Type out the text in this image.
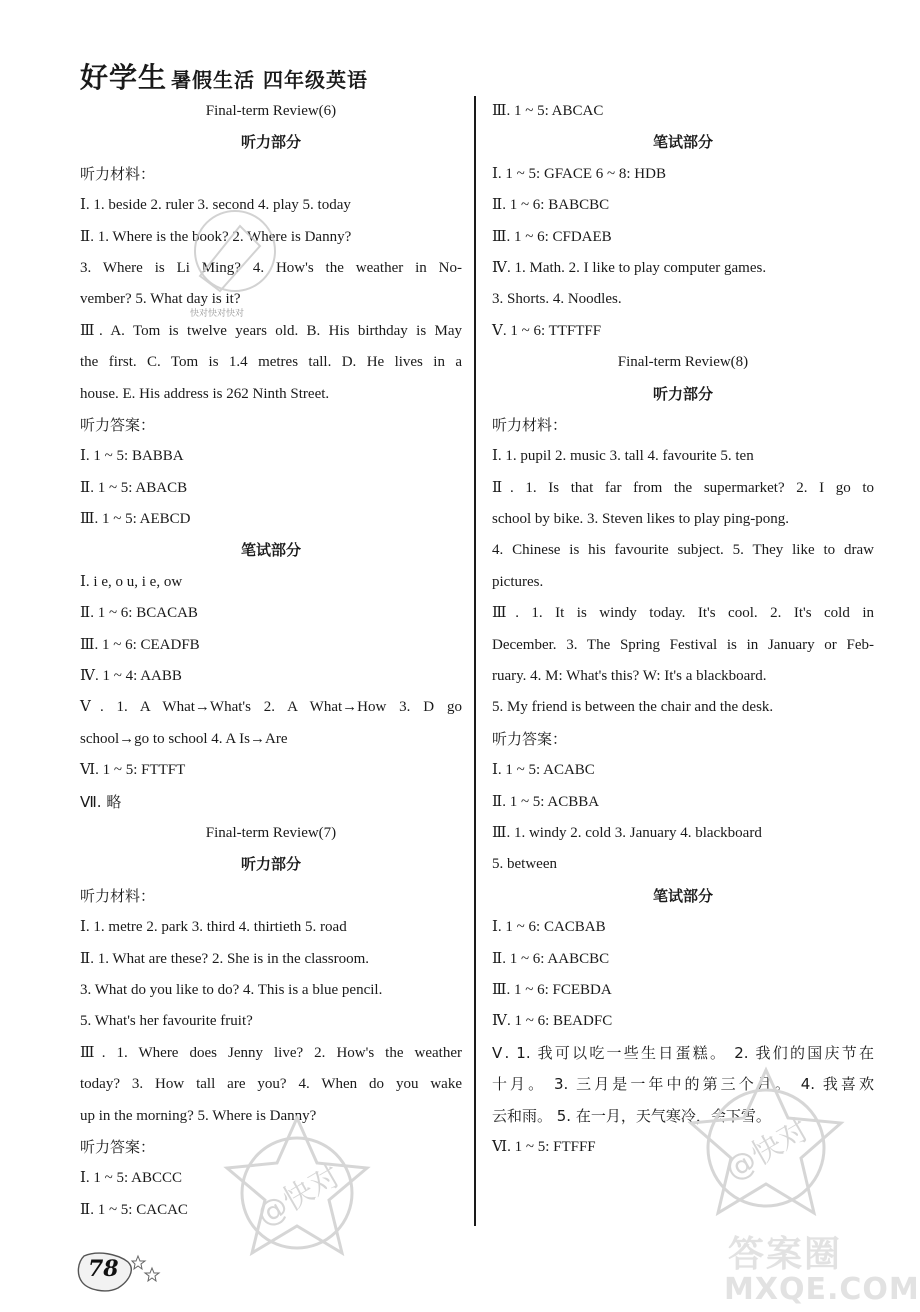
好学生 暑假生活 四年级英语
Final-term Review(6)
听力部分
听力材料：
Ⅰ. 1. beside 2. ruler 3. second 4. play 5. today
Ⅱ. 1. Where is the book? 2. Where is Danny?
3. Where is Li Ming? 4. How's the weather in No-
vember? 5. What day is it?
Ⅲ. A. Tom is twelve years old. B. His birthday is May
the first. C. Tom is 1.4 metres tall. D. He lives in a
house. E. His address is 262 Ninth Street.
听力答案：
Ⅰ. 1 ~ 5: BABBA
Ⅱ. 1 ~ 5: ABACB
Ⅲ. 1 ~ 5: AEBCD
笔试部分
Ⅰ. i e, o u, i e, ow
Ⅱ. 1 ~ 6: BCACAB
Ⅲ. 1 ~ 6: CEADFB
Ⅳ. 1 ~ 4: AABB
Ⅴ. 1. A What→What's 2. A What→How 3. D go
school→go to school 4. A Is→Are
Ⅵ. 1 ~ 5: FTTFT
Ⅶ. 略
Final-term Review(7)
听力部分
听力材料：
Ⅰ. 1. metre 2. park 3. third 4. thirtieth 5. road
Ⅱ. 1. What are these? 2. She is in the classroom.
3. What do you like to do? 4. This is a blue pencil.
5. What's her favourite fruit?
Ⅲ. 1. Where does Jenny live? 2. How's the weather
today? 3. How tall are you? 4. When do you wake
up in the morning? 5. Where is Danny?
听力答案：
Ⅰ. 1 ~ 5: ABCCC
Ⅱ. 1 ~ 5: CACAC
Ⅲ. 1 ~ 5: ABCAC
笔试部分
Ⅰ. 1 ~ 5: GFACE 6 ~ 8: HDB
Ⅱ. 1 ~ 6: BABCBC
Ⅲ. 1 ~ 6: CFDAEB
Ⅳ. 1. Math. 2. I like to play computer games.
3. Shorts. 4. Noodles.
Ⅴ. 1 ~ 6: TTFTFF
Final-term Review(8)
听力部分
听力材料：
Ⅰ. 1. pupil 2. music 3. tall 4. favourite 5. ten
Ⅱ. 1. Is that far from the supermarket? 2. I go to
school by bike. 3. Steven likes to play ping-pong.
4. Chinese is his favourite subject. 5. They like to draw
pictures.
Ⅲ. 1. It is windy today. It's cool. 2. It's cold in
December. 3. The Spring Festival is in January or Feb-
ruary. 4. M: What's this? W: It's a blackboard.
5. My friend is between the chair and the desk.
听力答案：
Ⅰ. 1 ~ 5: ACABC
Ⅱ. 1 ~ 5: ACBBA
Ⅲ. 1. windy 2. cold 3. January 4. blackboard
5. between
笔试部分
Ⅰ. 1 ~ 6: CACBAB
Ⅱ. 1 ~ 6: AABCBC
Ⅲ. 1 ~ 6: FCEBDA
Ⅳ. 1 ~ 6: BEADFC
Ⅴ. 1. 我可以吃一些生日蛋糕。 2. 我们的国庆节在
十月。 3. 三月是一年中的第三个月。 4. 我喜欢
云和雨。 5. 在一月，天气寒冷，会下雪。
Ⅵ. 1 ~ 5: FTFFF
快对快对快对
@快对
@快对
答案圈
MXQE.COM
78
